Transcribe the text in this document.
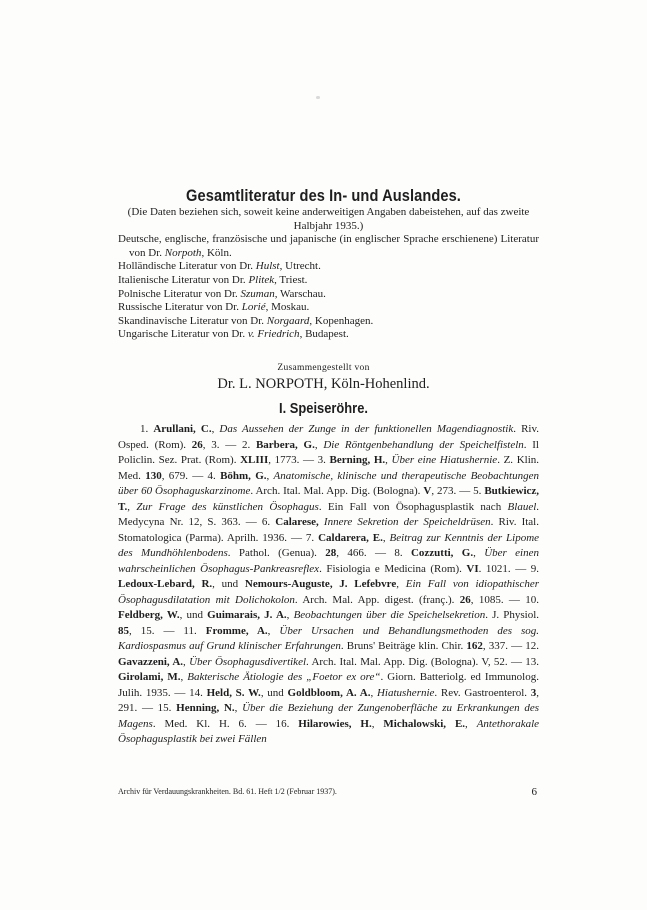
Gesamtliteratur des In- und Auslandes.

(Die Daten beziehen sich, soweit keine anderweitigen Angaben dabeistehen, auf das zweite Halbjahr 1935.)

Deutsche, englische, französische und japanische (in englischer Sprache erschienene) Literatur von Dr. Norpoth, Köln.

Holländische Literatur von Dr. Hulst, Utrecht.

Italienische Literatur von Dr. Plitek, Triest.

Polnische Literatur von Dr. Szuman, Warschau.

Russische Literatur von Dr. Lorié, Moskau.

Skandinavische Literatur von Dr. Norgaard, Kopenhagen.

Ungarische Literatur von Dr. v. Friedrich, Budapest.

Zusammengestellt von

Dr. L. NORPOTH, Köln-Hohenlind.

I. Speiseröhre.

1. Arullani, C., Das Aussehen der Zunge in der funktionellen Magendiagnostik. Riv. Osped. (Rom). 26, 3. — 2. Barbera, G., Die Röntgenbehandlung der Speichelfisteln. Il Policlin. Sez. Prat. (Rom). XLIII, 1773. — 3. Berning, H., Über eine Hiatushernie. Z. Klin. Med. 130, 679. — 4. Böhm, G., Anatomische, klinische und therapeutische Beobachtungen über 60 Ösophaguskarzinome. Arch. Ital. Mal. App. Dig. (Bologna). V, 273. — 5. Butkiewicz, T., Zur Frage des künstlichen Ösophagus. Ein Fall von Ösophagusplastik nach Blauel. Medycyna Nr. 12, S. 363. — 6. Calarese, Innere Sekretion der Speicheldrüsen. Riv. Ital. Stomatologica (Parma). Aprilh. 1936. — 7. Caldarera, E., Beitrag zur Kenntnis der Lipome des Mundhöhlenbodens. Pathol. (Genua). 28, 466. — 8. Cozzutti, G., Über einen wahrscheinlichen Ösophagus-Pankreasreflex. Fisiologia e Medicina (Rom). VI. 1021. — 9. Ledoux-Lebard, R., und Nemours-Auguste, J. Lefebvre, Ein Fall von idiopathischer Ösophagusdilatation mit Dolichokolon. Arch. Mal. App. digest. (franç.). 26, 1085. — 10. Feldberg, W., und Guimarais, J. A., Beobachtungen über die Speichelsekretion. J. Physiol. 85, 15. — 11. Fromme, A., Über Ursachen und Behandlungsmethoden des sog. Kardiospasmus auf Grund klinischer Erfahrungen. Bruns' Beiträge klin. Chir. 162, 337. — 12. Gavazzeni, A., Über Ösophagusdivertikel. Arch. Ital. Mal. App. Dig. (Bologna). V, 52. — 13. Girolami, M., Bakterische Ätiologie des „Foetor ex ore“. Giorn. Batteriolg. ed Immunolog. Julih. 1935. — 14. Held, S. W., und Goldbloom, A. A., Hiatushernie. Rev. Gastroenterol. 3, 291. — 15. Henning, N., Über die Beziehung der Zungenoberfläche zu Erkrankungen des Magens. Med. Kl. H. 6. — 16. Hilarowies, H., Michalowski, E., Antethorakale Ösophagusplastik bei zwei Fällen

Archiv für Verdauungskrankheiten. Bd. 61. Heft 1/2 (Februar 1937).	6
